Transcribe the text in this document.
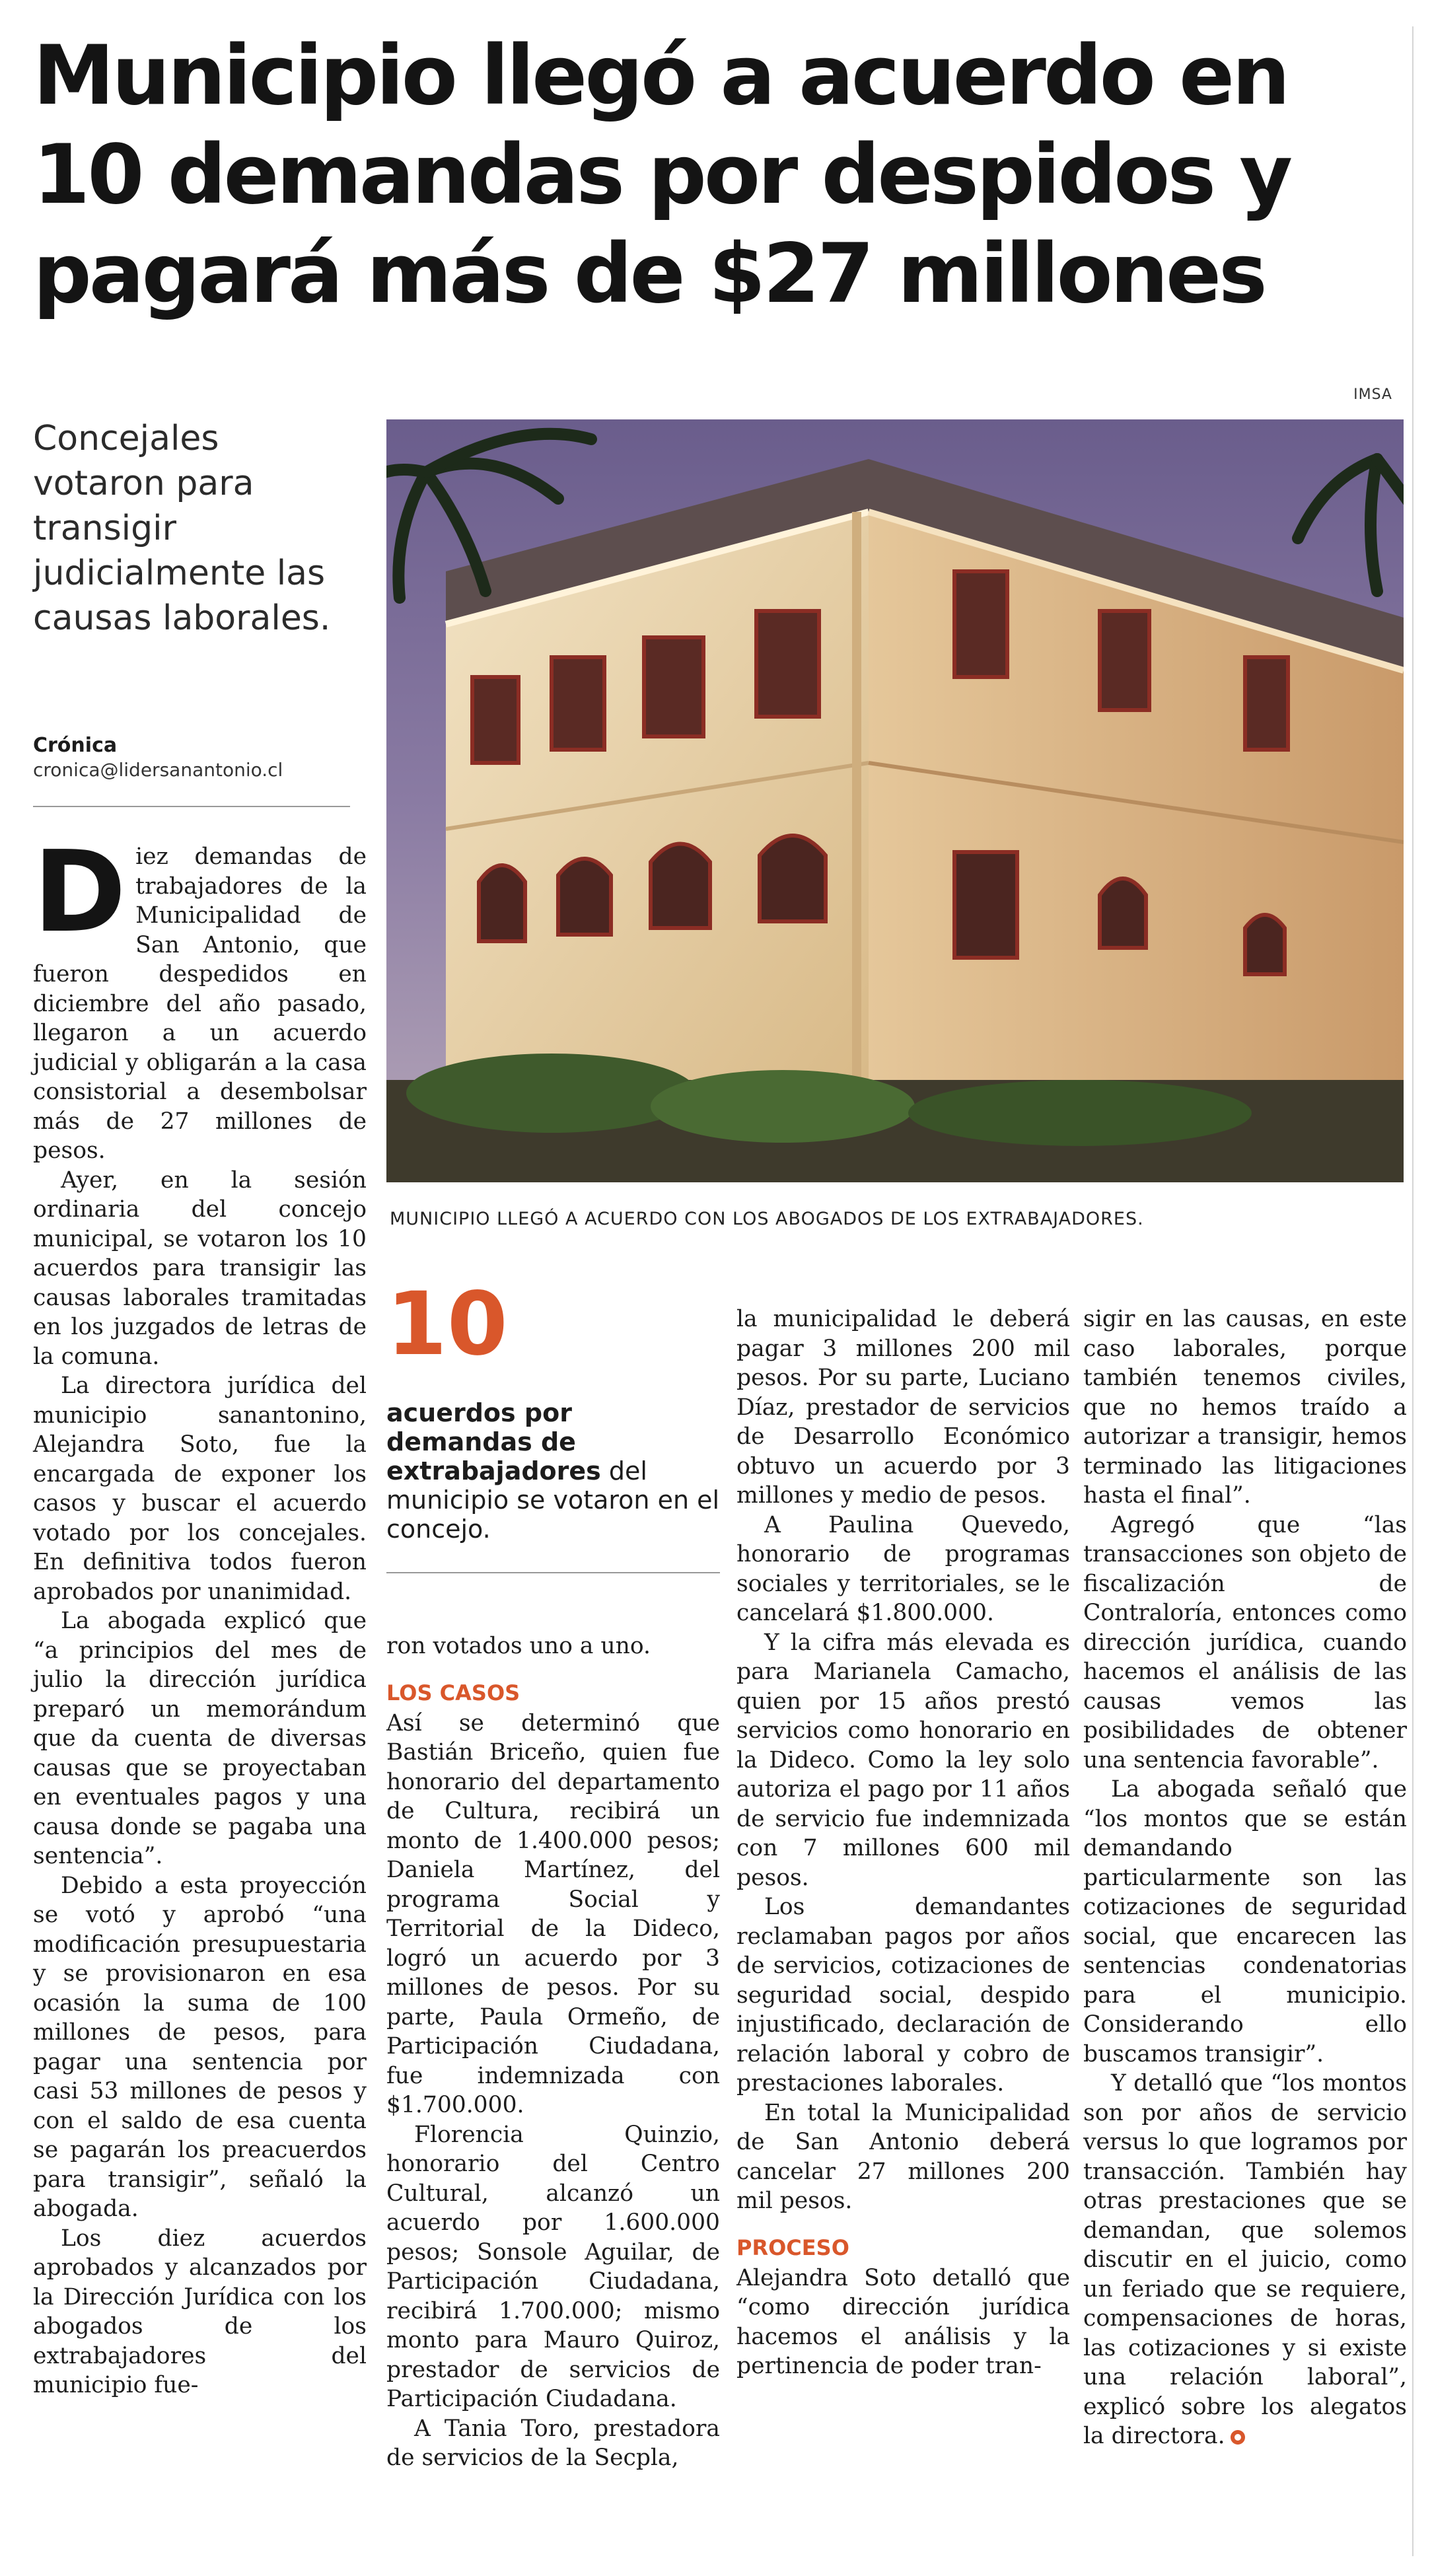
Municipio llegó a acuerdo en 10 demandas por despidos y pagará más de $27 millones
IMSA
Concejales votaron para transigir judicialmente las causas laborales.
Crónica
cronica@lidersanantonio.cl
MUNICIPIO LLEGÓ A ACUERDO CON LOS ABOGADOS DE LOS EXTRABAJADORES.

Diez demandas de trabajadores de la Municipalidad de San Antonio, que fueron despedidos en diciembre del año pasado, llegaron a un acuerdo judicial y obligarán a la casa consistorial a desembolsar más de 27 millones de pesos.

Ayer, en la sesión ordinaria del concejo municipal, se votaron los 10 acuerdos para transigir las causas laborales tramitadas en los juzgados de letras de la comuna.

La directora jurídica del municipio sanantonino, Alejandra Soto, fue la encargada de exponer los casos y buscar el acuerdo votado por los concejales. En definitiva todos fueron aprobados por unanimidad.

La abogada explicó que “a principios del mes de julio la dirección jurídica preparó un memorándum que da cuenta de diversas causas que se proyectaban en eventuales pagos y una causa donde se pagaba una sentencia”.

Debido a esta proyección se votó y aprobó “una modificación presupuestaria y se provisionaron en esa ocasión la suma de 100 millones de pesos, para pagar una sentencia por casi 53 millones de pesos y con el saldo de esa cuenta se pagarán los preacuerdos para transigir”, señaló la abogada.

Los diez acuerdos aprobados y alcanzados por la Dirección Jurídica con los abogados de los extrabajadores del municipio fue-

10
acuerdos por demandas de extrabajadores del municipio se votaron en el concejo.

ron votados uno a uno.

LOS CASOS

Así se determinó que Bastián Briceño, quien fue honorario del departamento de Cultura, recibirá un monto de 1.400.000 pesos; Daniela Martínez, del programa Social y Territorial de la Dideco, logró un acuerdo por 3 millones de pesos. Por su parte, Paula Ormeño, de Participación Ciudadana, fue indemnizada con $1.700.000.

Florencia Quinzio, honorario del Centro Cultural, alcanzó un acuerdo por 1.600.000 pesos; Sonsole Aguilar, de Participación Ciudadana, recibirá 1.700.000; mismo monto para Mauro Quiroz, prestador de servicios de Participación Ciudadana.

A Tania Toro, prestadora de servicios de la Secpla,

la municipalidad le deberá pagar 3 millones 200 mil pesos. Por su parte, Luciano Díaz, prestador de servicios de Desarrollo Económico obtuvo un acuerdo por 3 millones y medio de pesos.

A Paulina Quevedo, honorario de programas sociales y territoriales, se le cancelará $1.800.000.

Y la cifra más elevada es para Marianela Camacho, quien por 15 años prestó servicios como honorario en la Dideco. Como la ley solo autoriza el pago por 11 años de servicio fue indemnizada con 7 millones 600 mil pesos.

Los demandantes reclamaban pagos por años de servicios, cotizaciones de seguridad social, despido injustificado, declaración de relación laboral y cobro de prestaciones laborales.

En total la Municipalidad de San Antonio deberá cancelar 27 millones 200 mil pesos.

PROCESO

Alejandra Soto detalló que “como dirección jurídica hacemos el análisis y la pertinencia de poder tran-

sigir en las causas, en este caso laborales, porque también tenemos civiles, que no hemos traído a autorizar a transigir, hemos terminado las litigaciones hasta el final”.

Agregó que “las transacciones son objeto de fiscalización de Contraloría, entonces como dirección jurídica, cuando hacemos el análisis de las causas vemos las posibilidades de obtener una sentencia favorable”.

La abogada señaló que “los montos que se están demandando particularmente son las cotizaciones de seguridad social, que encarecen las sentencias condenatorias para el municipio. Considerando ello buscamos transigir”.

Y detalló que “los montos son por años de servicio versus lo que logramos por transacción. También hay otras prestaciones que se demandan, que solemos discutir en el juicio, como un feriado que se requiere, compensaciones de horas, las cotizaciones y si existe una relación laboral”, explicó sobre los alegatos la directora.
